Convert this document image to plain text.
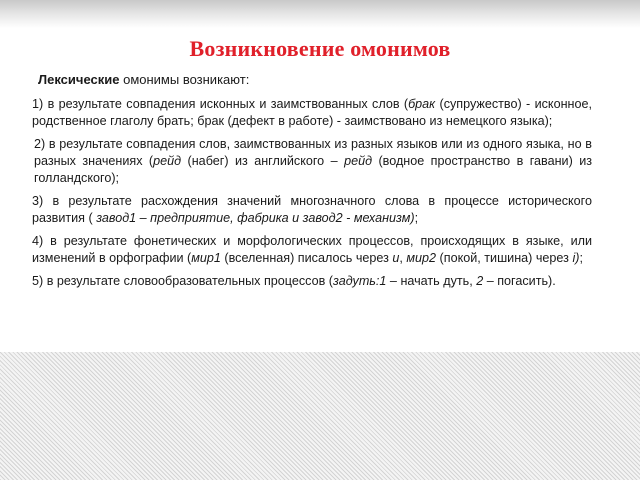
Возникновение омонимов
Лексические омонимы возникают:

1) в результате совпадения исконных и заимствованных слов (брак (супружество) - исконное, родственное глаголу брать; брак (дефект в работе) - заимствовано из немецкого языка);

2) в результате совпадения слов, заимствованных из разных языков или из одного языка, но в разных значениях (рейд (набег) из английского – рейд (водное пространство в гавани) из голландского);

3) в результате расхождения значений многозначного слова в процессе исторического развития ( завод1 – предприятие, фабрика и завод2 - механизм);

4) в результате фонетических и морфологических процессов, происходящих в языке, или изменений в орфографии (мир1 (вселенная) писалось через и, мир2 (покой, тишина) через i);

5) в результате словообразовательных процессов (задуть:1 – начать дуть, 2 – погасить).
